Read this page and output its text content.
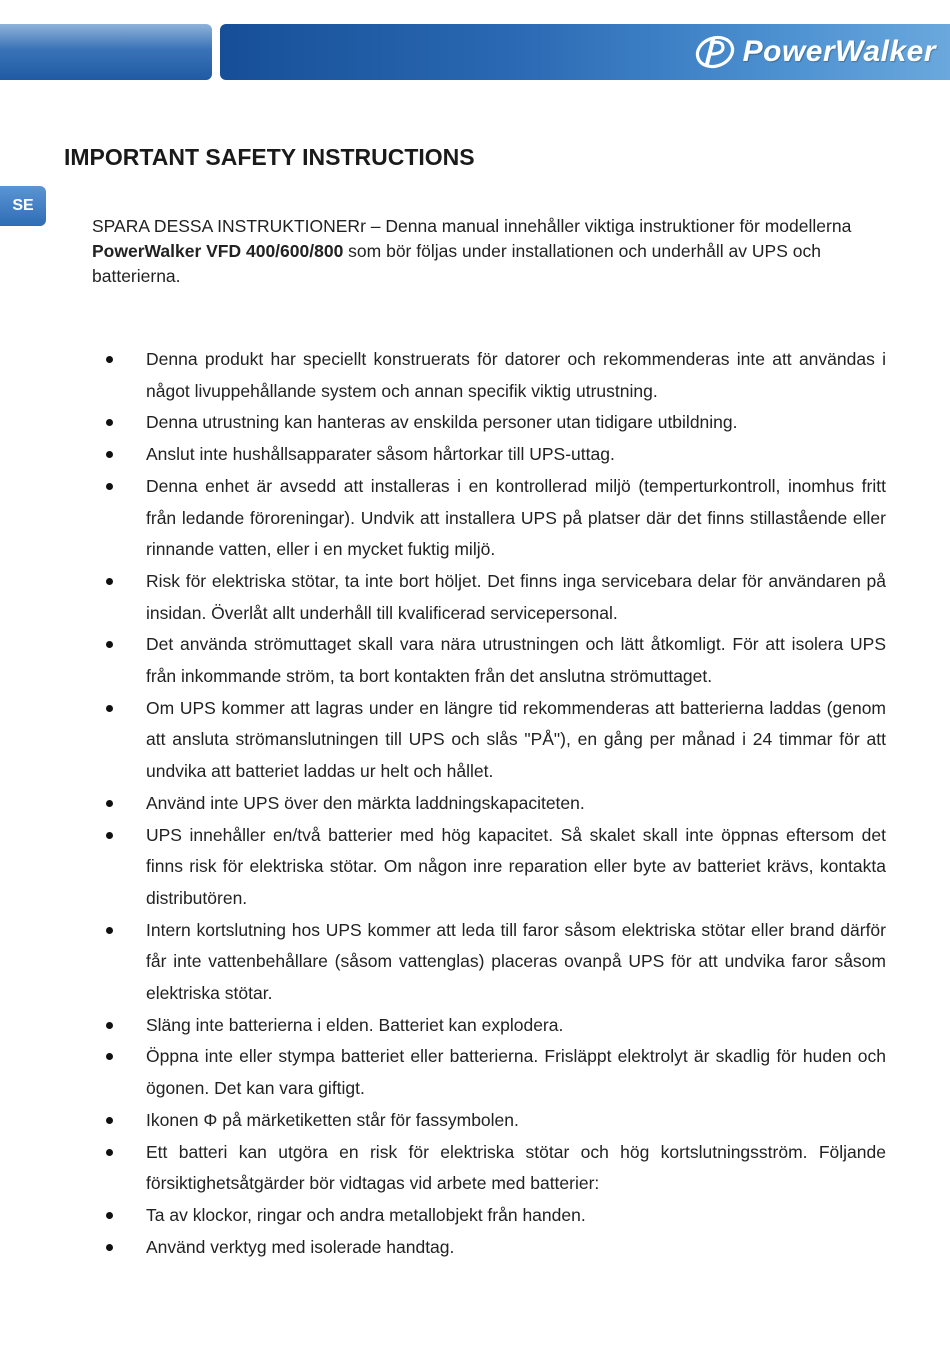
PowerWalker
SE
IMPORTANT SAFETY INSTRUCTIONS

SPARA DESSA INSTRUKTIONERr – Denna manual innehåller viktiga instruktioner för modellerna PowerWalker VFD 400/600/800 som bör följas under installationen och underhåll av UPS och batterierna.

Denna produkt har speciellt konstruerats för datorer och rekommenderas inte att användas i något livuppehållande system och annan specifik viktig utrustning.
Denna utrustning kan hanteras av enskilda personer utan tidigare utbildning.
Anslut inte hushållsapparater såsom hårtorkar till UPS-uttag.
Denna enhet är avsedd att installeras i en kontrollerad miljö (temperturkontroll, inomhus fritt från ledande föroreningar). Undvik att installera UPS på platser där det finns stillastående eller rinnande vatten, eller i en mycket fuktig miljö.
Risk för elektriska stötar, ta inte bort höljet. Det finns inga servicebara delar för användaren på insidan. Överlåt allt underhåll till kvalificerad servicepersonal.
Det använda strömuttaget skall vara nära utrustningen och lätt åtkomligt. För att isolera UPS från inkommande ström, ta bort kontakten från det anslutna strömuttaget.
Om UPS kommer att lagras under en längre tid rekommenderas att batterierna laddas (genom att ansluta strömanslutningen till UPS och slås "PÅ"), en gång per månad i 24 timmar för att undvika att batteriet laddas ur helt och hållet.
Använd inte UPS över den märkta laddningskapaciteten.
UPS innehåller en/två batterier med hög kapacitet. Så skalet skall inte öppnas eftersom det finns risk för elektriska stötar. Om någon inre reparation eller byte av batteriet krävs, kontakta distributören.
Intern kortslutning hos UPS kommer att leda till faror såsom elektriska stötar eller brand därför får inte vattenbehållare (såsom vattenglas) placeras ovanpå UPS för att undvika faror såsom elektriska stötar.
Släng inte batterierna i elden. Batteriet kan explodera.
Öppna inte eller stympa batteriet eller batterierna. Frisläppt elektrolyt är skadlig för huden och ögonen. Det kan vara giftigt.
Ikonen Φ på märketiketten står för fassymbolen.
Ett batteri kan utgöra en risk för elektriska stötar och hög kortslutningsström. Följande försiktighetsåtgärder bör vidtagas vid arbete med batterier:
Ta av klockor, ringar och andra metallobjekt från handen.
Använd verktyg med isolerade handtag.
